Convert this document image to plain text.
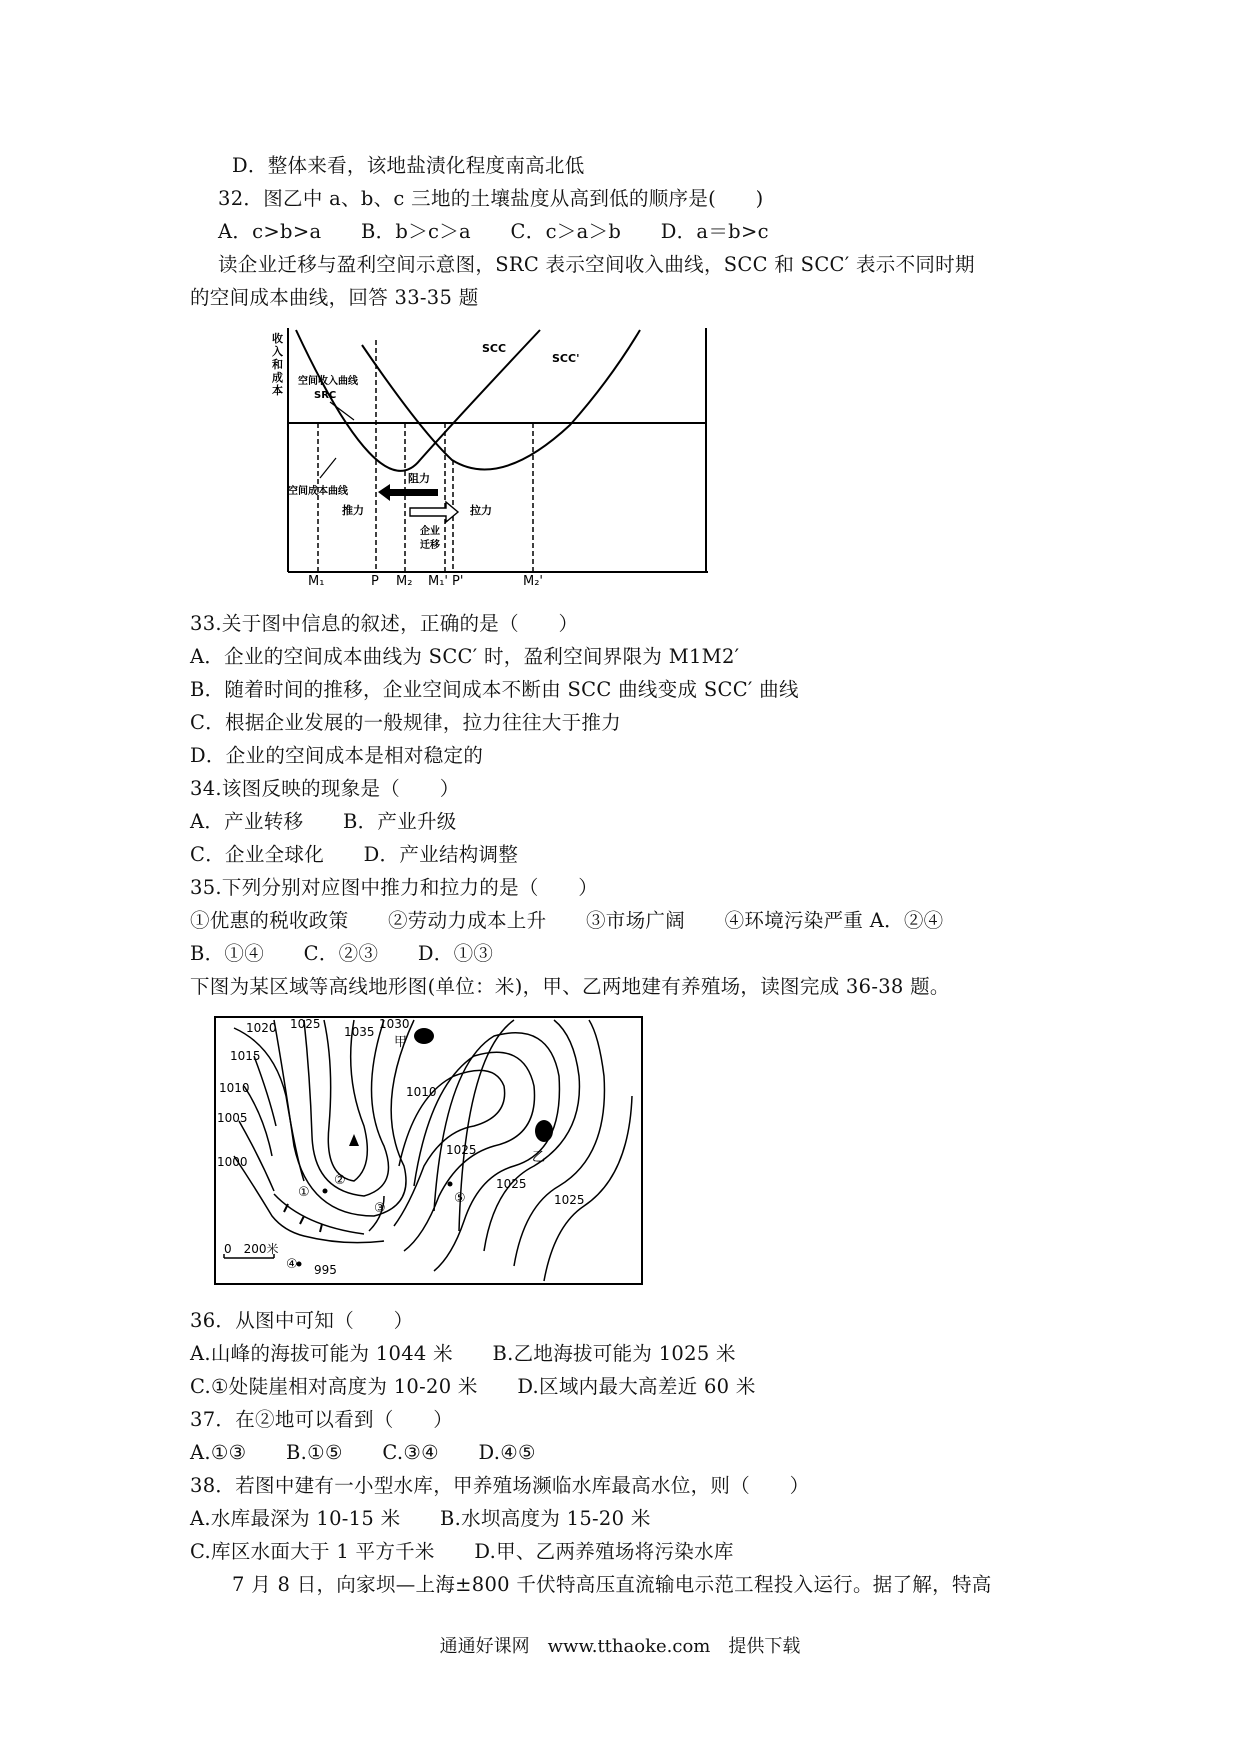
D．整体来看，该地盐渍化程度南高北低
32．图乙中 a、b、c 三地的土壤盐度从高到低的顺序是(　　)
A．c>b>a　　B．b＞c＞a　　C．c＞a＞b　　D．a＝b>c
读企业迁移与盈利空间示意图，SRC 表示空间收入曲线，SCC 和 SCC′ 表示不同时期
的空间成本曲线，回答 33-35 题
收入和成本
SCC
SCC'
空间收入曲线
SRC
空间成本曲线
推力
阻力
拉力
企业
迁移
M₁	P M₂ M₁' P'	M₂'
33.关于图中信息的叙述，正确的是（　　）
A．企业的空间成本曲线为 SCC′ 时，盈利空间界限为 M1M2′
B．随着时间的推移，企业空间成本不断由 SCC 曲线变成 SCC′ 曲线
C．根据企业发展的一般规律，拉力往往大于推力
D．企业的空间成本是相对稳定的
34.该图反映的现象是（　　）
A．产业转移　　B．产业升级
C．企业全球化　　D．产业结构调整
35.下列分别对应图中推力和拉力的是（　　）
①优惠的税收政策　　②劳动力成本上升　　③市场广阔　　④环境污染严重 A．②④
B．①④　　C．②③　　D．①③
下图为某区域等高线地形图(单位：米)，甲、乙两地建有养殖场，读图完成 36-38 题。
1020 1025
1035
1030
1015
1010
1005
1000
1010
1025
1025
1025
995
甲
乙
①
②
③
④
⑤
0　200米
36．从图中可知（　　）
A.山峰的海拔可能为 1044 米　　B.乙地海拔可能为 1025 米
C.①处陡崖相对高度为 10-20 米　　D.区域内最大高差近 60 米
37．在②地可以看到（　　）
A.①③　　B.①⑤　　C.③④　　D.④⑤
38．若图中建有一小型水库，甲养殖场濒临水库最高水位，则（　　）
A.水库最深为 10-15 米　　B.水坝高度为 15-20 米
C.库区水面大于 1 平方千米　　D.甲、乙两养殖场将污染水库
7 月 8 日，向家坝—上海±800 千伏特高压直流输电示范工程投入运行。据了解，特高
通通好课网　www.tthaoke.com　提供下载
